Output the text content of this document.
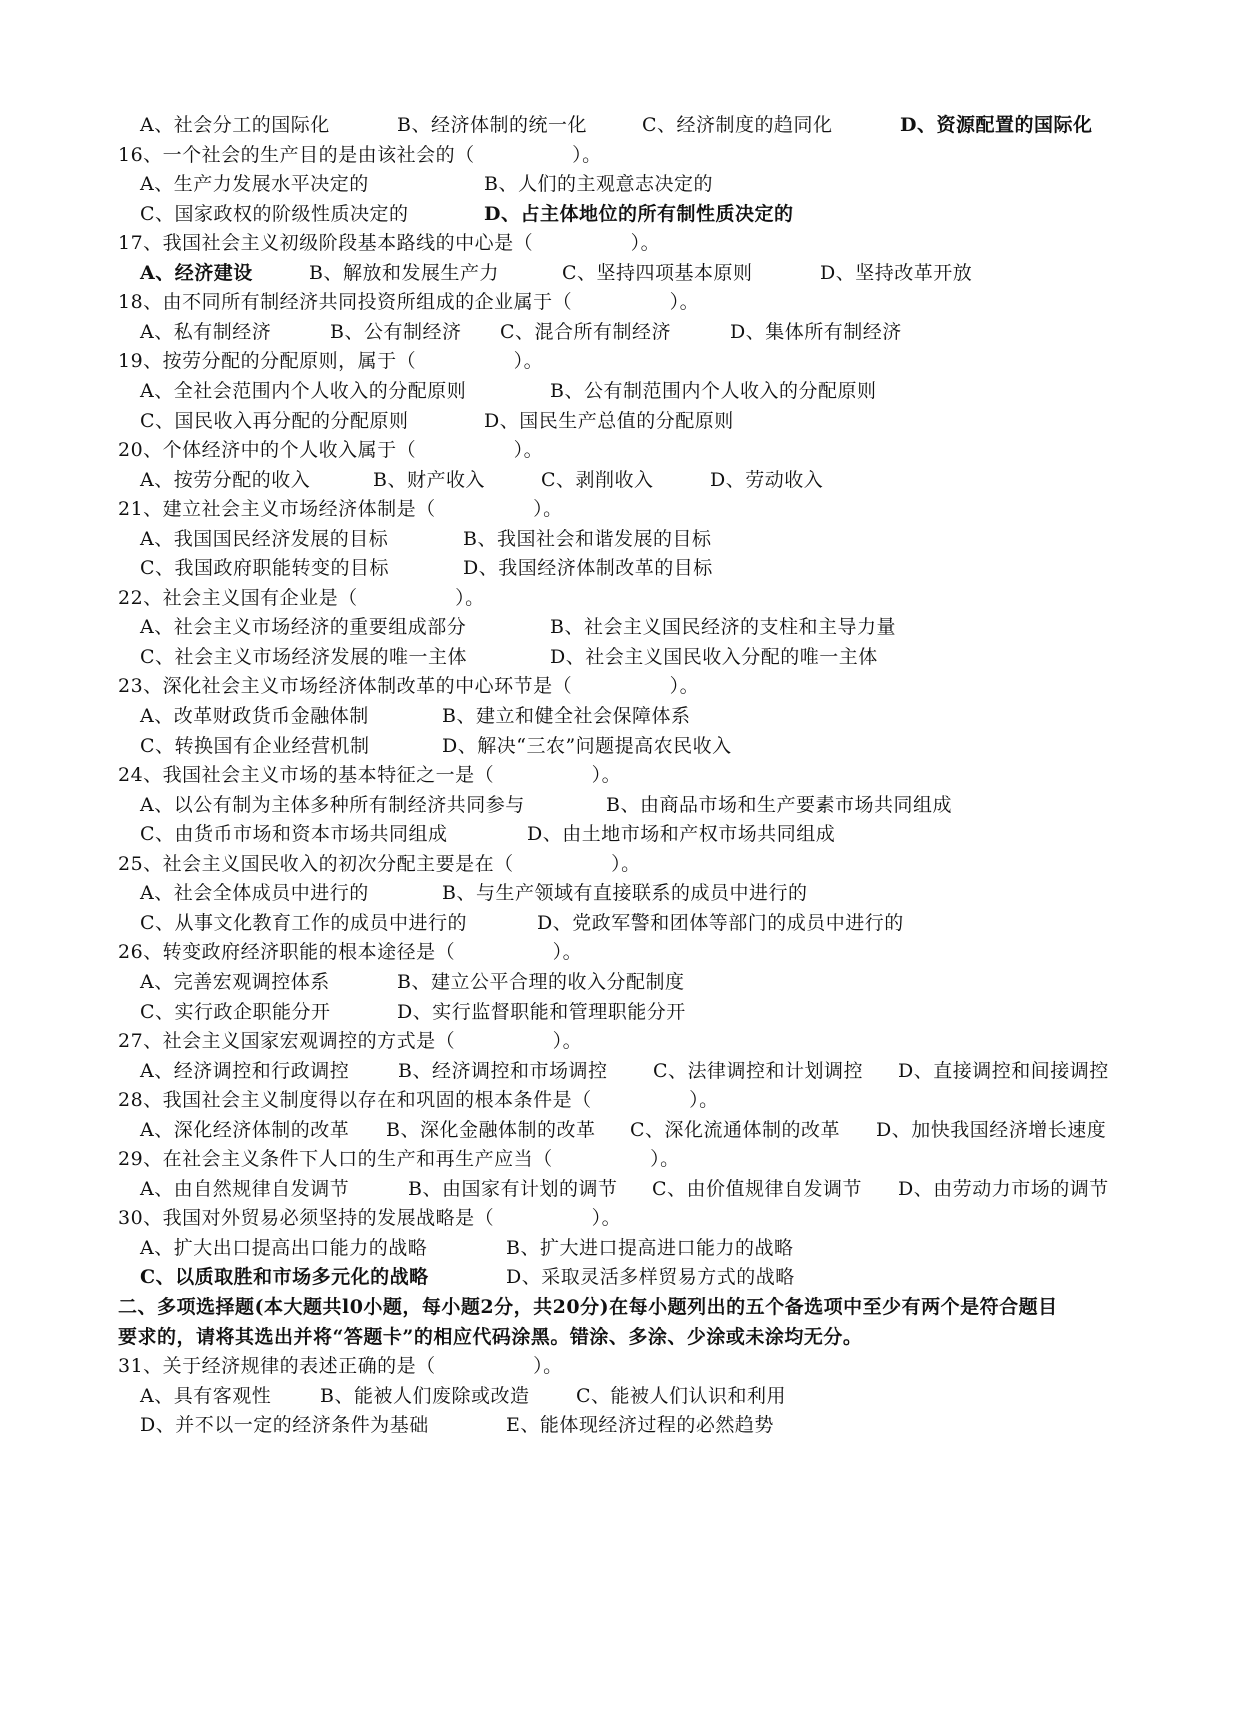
A、社会分工的国际化	B、经济体制的统一化	C、经济制度的趋同化	D、资源配置的国际化
16、一个社会的生产目的是由该社会的（　　　　　）。
A、生产力发展水平决定的	B、人们的主观意志决定的
C、国家政权的阶级性质决定的	D、占主体地位的所有制性质决定的
17、我国社会主义初级阶段基本路线的中心是（　　　　　）。
A、经济建设	B、解放和发展生产力	C、坚持四项基本原则	D、坚持改革开放
18、由不同所有制经济共同投资所组成的企业属于（　　　　　）。
A、私有制经济	B、公有制经济 C、混合所有制经济	D、集体所有制经济
19、按劳分配的分配原则，属于（　　　　　）。
A、全社会范围内个人收入的分配原则	B、公有制范围内个人收入的分配原则
C、国民收入再分配的分配原则	D、国民生产总值的分配原则
20、个体经济中的个人收入属于（　　　　　）。
A、按劳分配的收入	B、财产收入	C、剥削收入	D、劳动收入
21、建立社会主义市场经济体制是（　　　　　）。
A、我国国民经济发展的目标	B、我国社会和谐发展的目标
C、我国政府职能转变的目标	D、我国经济体制改革的目标
22、社会主义国有企业是（　　　　　）。
A、社会主义市场经济的重要组成部分	B、社会主义国民经济的支柱和主导力量
C、社会主义市场经济发展的唯一主体	D、社会主义国民收入分配的唯一主体
23、深化社会主义市场经济体制改革的中心环节是（　　　　　）。
A、改革财政货币金融体制	B、建立和健全社会保障体系
C、转换国有企业经营机制	D、解决“三农”问题提高农民收入
24、我国社会主义市场的基本特征之一是（　　　　　）。
A、以公有制为主体多种所有制经济共同参与	B、由商品市场和生产要素市场共同组成
C、由货币市场和资本市场共同组成	D、由土地市场和产权市场共同组成
25、社会主义国民收入的初次分配主要是在（　　　　　）。
A、社会全体成员中进行的	B、与生产领域有直接联系的成员中进行的
C、从事文化教育工作的成员中进行的	D、党政军警和团体等部门的成员中进行的
26、转变政府经济职能的根本途径是（　　　　　）。
A、完善宏观调控体系	B、建立公平合理的收入分配制度
C、实行政企职能分开	D、实行监督职能和管理职能分开
27、社会主义国家宏观调控的方式是（　　　　　）。
A、经济调控和行政调控	B、经济调控和市场调控 C、法律调控和计划调控 D、直接调控和间接调控
28、我国社会主义制度得以存在和巩固的根本条件是（　　　　　）。
A、深化经济体制的改革 B、深化金融体制的改革 C、深化流通体制的改革 D、加快我国经济增长速度
29、在社会主义条件下人口的生产和再生产应当（　　　　　）。
A、由自然规律自发调节	B、由国家有计划的调节 C、由价值规律自发调节 D、由劳动力市场的调节
30、我国对外贸易必须坚持的发展战略是（　　　　　）。
A、扩大出口提高出口能力的战略	B、扩大进口提高进口能力的战略
C、以质取胜和市场多元化的战略	D、采取灵活多样贸易方式的战略
二、多项选择题(本大题共l0小题，每小题2分，共20分)在每小题列出的五个备选项中至少有两个是符合题目
要求的，请将其选出并将“答题卡”的相应代码涂黑。错涂、多涂、少涂或未涂均无分。
31、关于经济规律的表述正确的是（　　　　　）。
A、具有客观性	B、能被人们废除或改造 C、能被人们认识和利用
D、并不以一定的经济条件为基础	E、能体现经济过程的必然趋势
